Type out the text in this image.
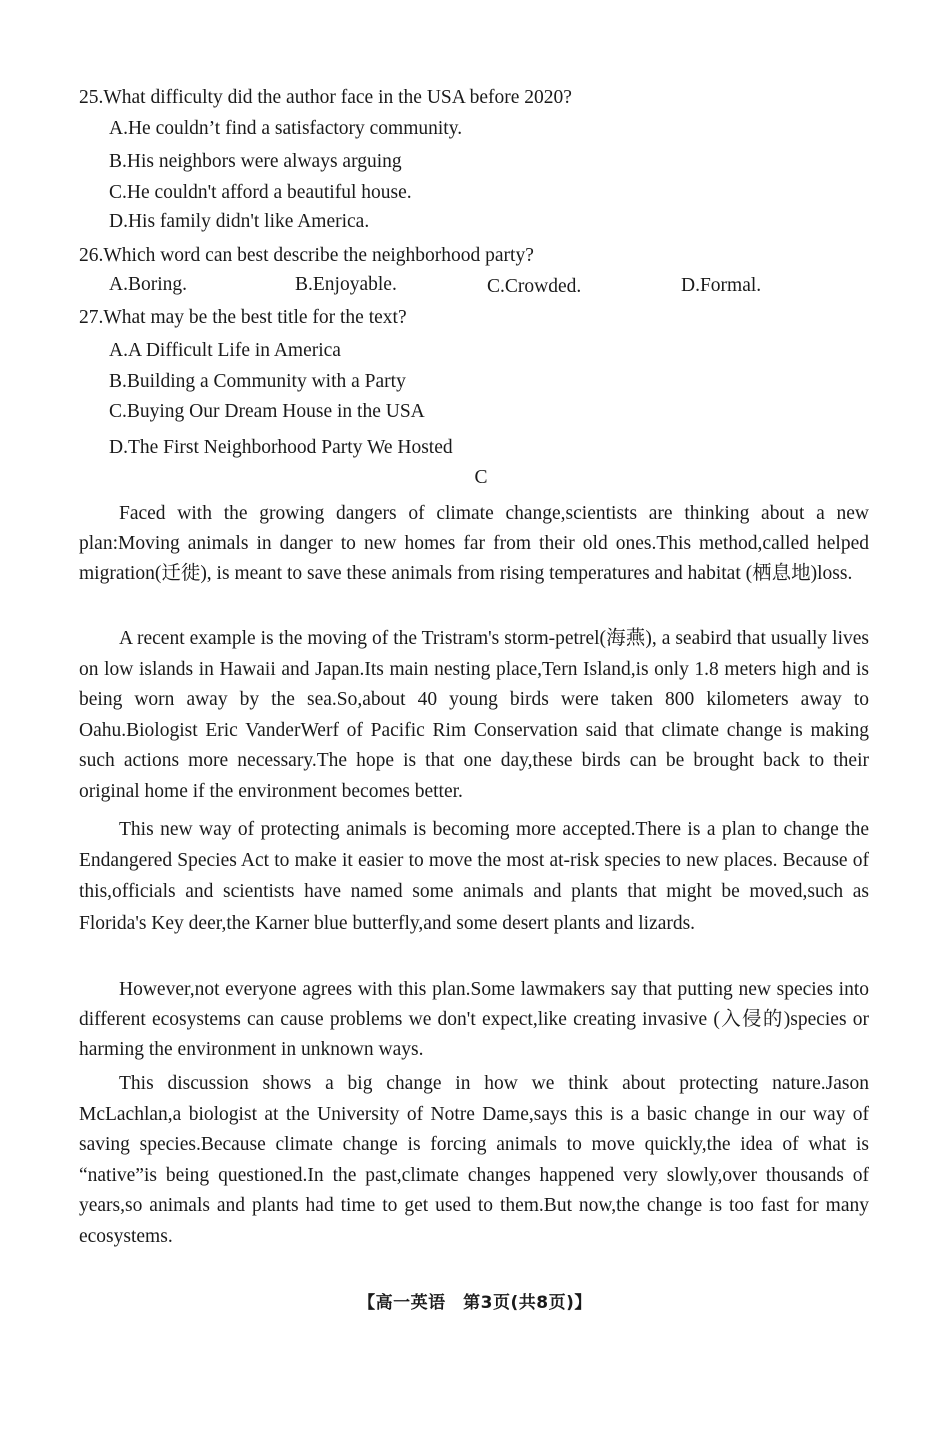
25.What difficulty did the author face in the USA before 2020?
A.He couldn’t find a satisfactory community.
B.His neighbors were always arguing
C.He couldn't afford a beautiful house.
D.His family didn't like America.
26.Which word can best describe the neighborhood party?
A.Boring.	B.Enjoyable.	C.Crowded.	D.Formal.
27.What may be the best title for the text?
A.A Difficult Life in America
B.Building a Community with a Party
C.Buying Our Dream House in the USA
D.The First Neighborhood Party We Hosted
C
Faced with the growing dangers of climate change,scientists are thinking about a new plan:Moving animals in danger to new homes far from their old ones.This method,called helped migration(迁徙), is meant to save these animals from rising temperatures and habitat (栖息地)loss.
A recent example is the moving of the Tristram's storm-petrel(海燕), a seabird that usually lives on low islands in Hawaii and Japan.Its main nesting place,Tern Island,is only 1.8 meters high and is being worn away by the sea.So,about 40 young birds were taken 800 kilometers away to Oahu.Biologist Eric VanderWerf of Pacific Rim Conservation said that climate change is making such actions more necessary.The hope is that one day,these birds can be brought back to their original home if the environment becomes better.
This new way of protecting animals is becoming more accepted.There is a plan to change the Endangered Species Act to make it easier to move the most at-risk species to new places. Because of this,officials and scientists have named some animals and plants that might be moved,such as Florida's Key deer,the Karner blue butterfly,and some desert plants and lizards.
However,not everyone agrees with this plan.Some lawmakers say that putting new species into different ecosystems can cause problems we don't expect,like creating invasive (入侵的)species or harming the environment in unknown ways.
This discussion shows a big change in how we think about protecting nature.Jason McLachlan,a biologist at the University of Notre Dame,says this is a basic change in our way of saving species.Because climate change is forcing animals to move quickly,the idea of what is “native”is being questioned.In the past,climate changes happened very slowly,over thousands of years,so animals and plants had time to get used to them.But now,the change is too fast for many ecosystems.
【高一英语　第3页(共8页)】
